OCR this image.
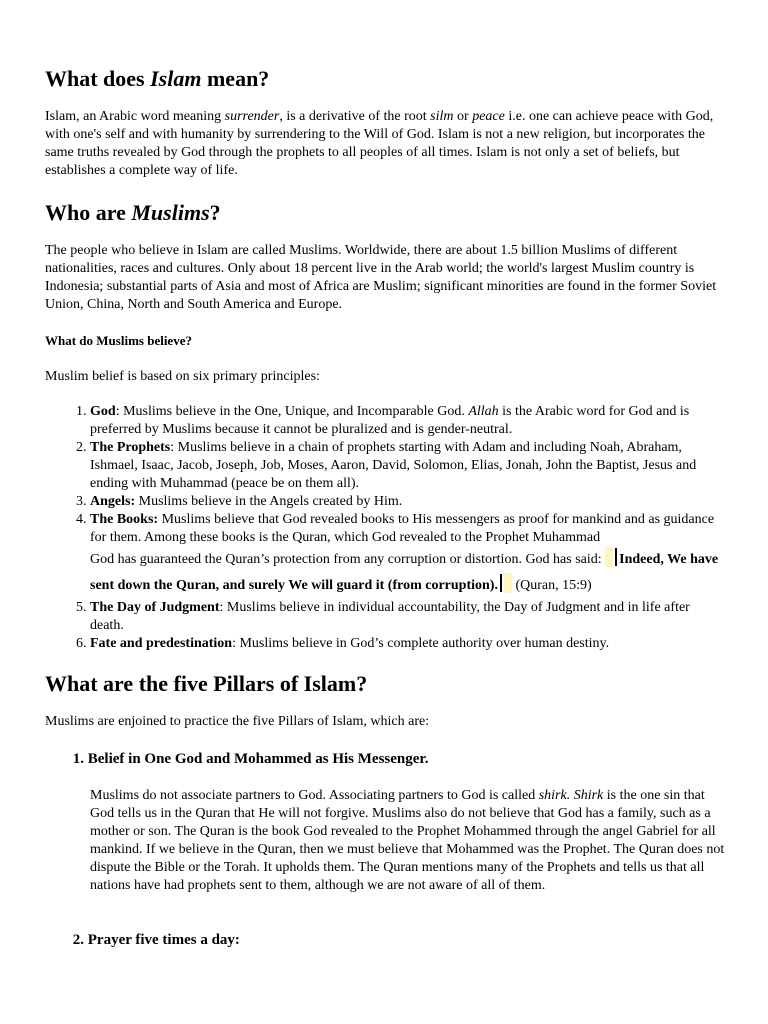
What does Islam mean?

Islam, an Arabic word meaning surrender, is a derivative of the root silm or peace i.e. one can achieve peace with God, with one's self and with humanity by surrendering to the Will of God. Islam is not a new religion, but incorporates the same truths revealed by God through the prophets to all peoples of all times. Islam is not only a set of beliefs, but establishes a complete way of life.

Who are Muslims?

The people who believe in Islam are called Muslims. Worldwide, there are about 1.5 billion Muslims of different nationalities, races and cultures. Only about 18 percent live in the Arab world; the world's largest Muslim country is Indonesia; substantial parts of Asia and most of Africa are Muslim; significant minorities are found in the former Soviet Union, China, North and South America and Europe.

What do Muslims believe?

Muslim belief is based on six primary principles:

1. God: Muslims believe in the One, Unique, and Incomparable God. Allah is the Arabic word for God and is preferred by Muslims because it cannot be pluralized and is gender-neutral.
2. The Prophets: Muslims believe in a chain of prophets starting with Adam and including Noah, Abraham, Ishmael, Isaac, Jacob, Joseph, Job, Moses, Aaron, David, Solomon, Elias, Jonah, John the Baptist, Jesus and ending with Muhammad (peace be on them all).
3. Angels: Muslims believe in the Angels created by Him.
4. The Books: Muslims believe that God revealed books to His messengers as proof for mankind and as guidance for them. Among these books is the Quran, which God revealed to the Prophet Muhammad
God has guaranteed the Quran’s protection from any corruption or distortion. God has said: Indeed, We have sent down the Quran, and surely We will guard it (from corruption). (Quran, 15:9)
5. The Day of Judgment: Muslims believe in individual accountability, the Day of Judgment and in life after death.
6. Fate and predestination: Muslims believe in God’s complete authority over human destiny.
What are the five Pillars of Islam?

Muslims are enjoined to practice the five Pillars of Islam, which are:

1. Belief in One God and Mohammed as His Messenger.
Muslims do not associate partners to God. Associating partners to God is called shirk. Shirk is the one sin that God tells us in the Quran that He will not forgive. Muslims also do not believe that God has a family, such as a mother or son. The Quran is the book God revealed to the Prophet Mohammed through the angel Gabriel for all mankind. If we believe in the Quran, then we must believe that Mohammed was the Prophet. The Quran does not dispute the Bible or the Torah. It upholds them. The Quran mentions many of the Prophets and tells us that all nations have had prophets sent to them, although we are not aware of all of them.
2. Prayer five times a day:
